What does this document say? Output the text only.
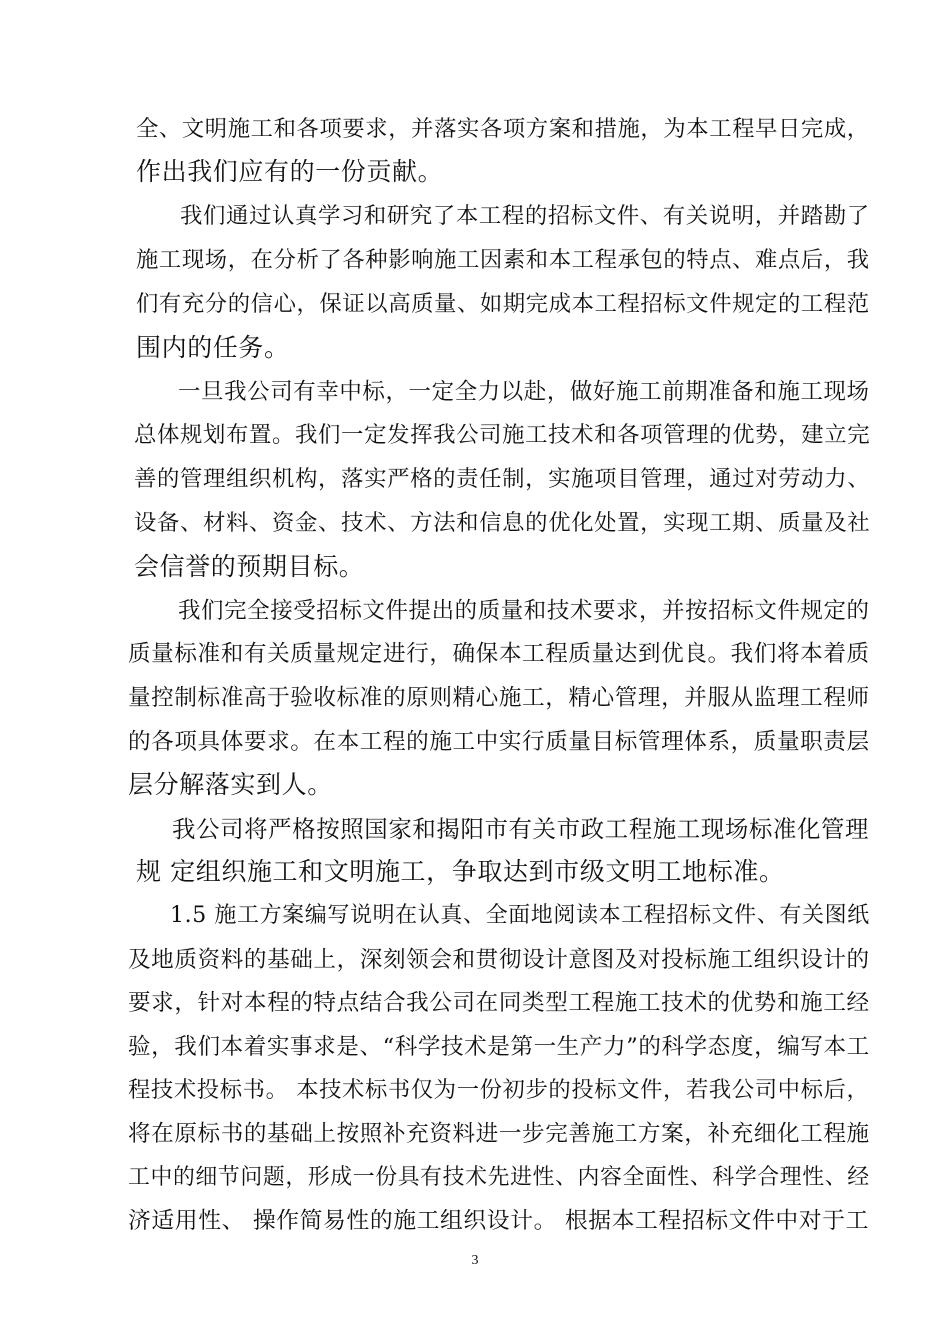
全、文明施工和各项要求，并落实各项方案和措施，为本工程早日完成，
作出我们应有的一份贡献。
我们通过认真学习和研究了本工程的招标文件、有关说明，并踏勘了
施工现场，在分析了各种影响施工因素和本工程承包的特点、难点后，我
们有充分的信心，保证以高质量、如期完成本工程招标文件规定的工程范
围内的任务。
一旦我公司有幸中标，一定全力以赴，做好施工前期准备和施工现场
总体规划布置。我们一定发挥我公司施工技术和各项管理的优势，建立完
善的管理组织机构，落实严格的责任制，实施项目管理，通过对劳动力、
设备、材料、资金、技术、方法和信息的优化处置，实现工期、质量及社
会信誉的预期目标。
我们完全接受招标文件提出的质量和技术要求，并按招标文件规定的
质量标准和有关质量规定进行，确保本工程质量达到优良。我们将本着质
量控制标准高于验收标准的原则精心施工，精心管理，并服从监理工程师
的各项具体要求。在本工程的施工中实行质量目标管理体系，质量职责层
层分解落实到人。
我公司将严格按照国家和揭阳市有关市政工程施工现场标准化管理
规 定组织施工和文明施工，争取达到市级文明工地标准。
1.5 施工方案编写说明在认真、全面地阅读本工程招标文件、有关图纸
及地质资料的基础上，深刻领会和贯彻设计意图及对投标施工组织设计的
要求，针对本程的特点结合我公司在同类型工程施工技术的优势和施工经
验，我们本着实事求是、“科学技术是第一生产力”的科学态度，编写本工
程技术投标书。 本技术标书仅为一份初步的投标文件，若我公司中标后，
将在原标书的基础上按照补充资料进一步完善施工方案，补充细化工程施
工中的细节问题，形成一份具有技术先进性、内容全面性、科学合理性、经
济适用性、 操作简易性的施工组织设计。 根据本工程招标文件中对于工
3
